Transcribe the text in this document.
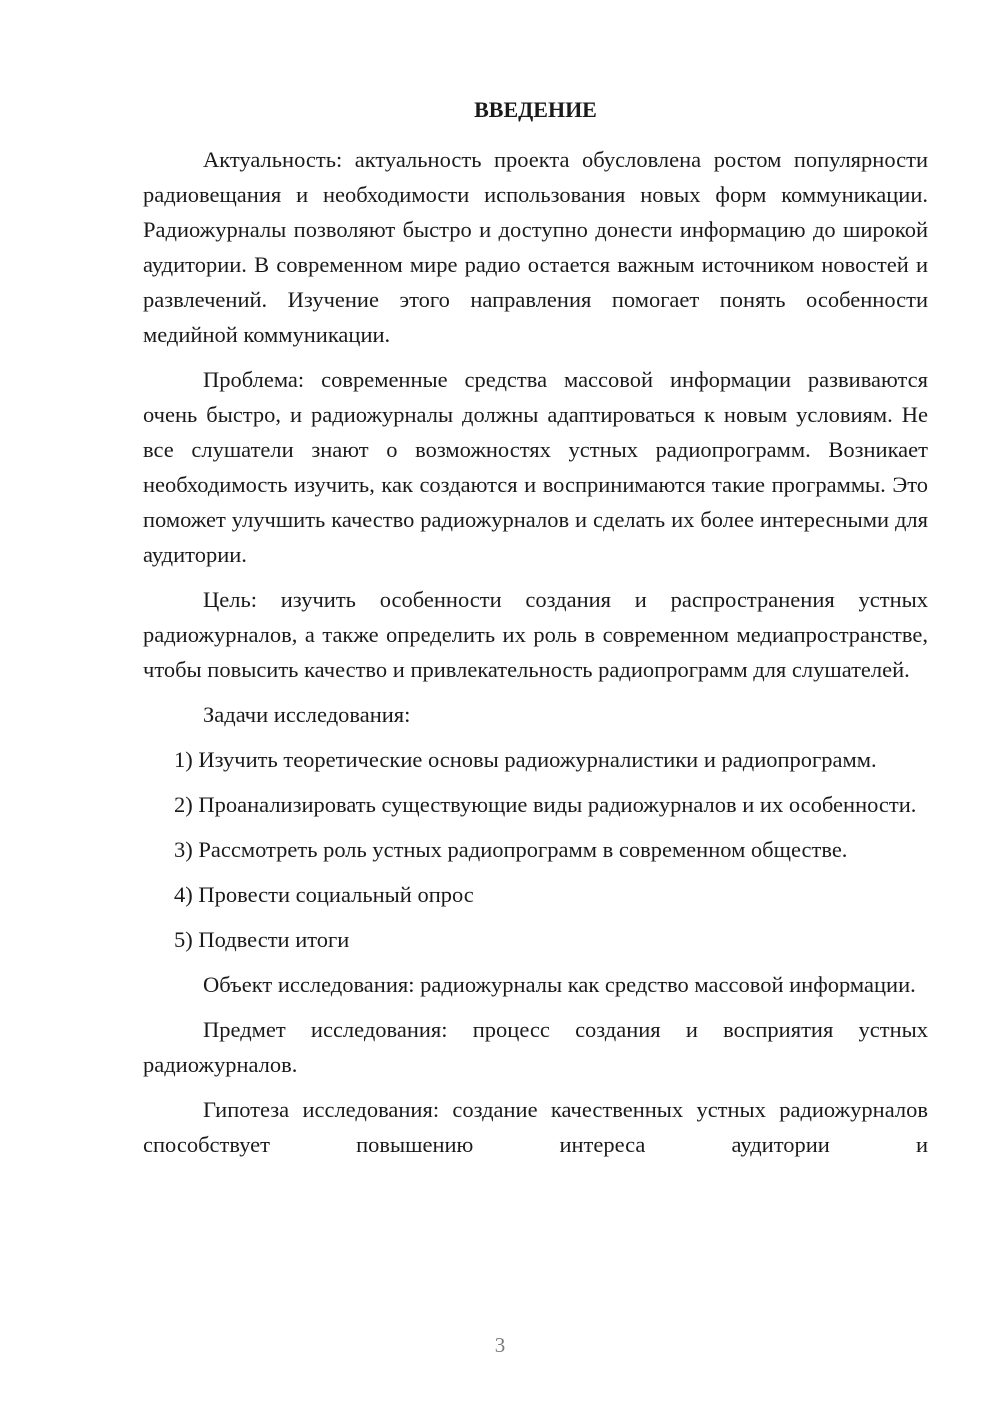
ВВЕДЕНИЕ

Актуальность: актуальность проекта обусловлена ростом популярности радиовещания и необходимости использования новых форм коммуникации. Радиожурналы позволяют быстро и доступно донести информацию до широкой аудитории. В современном мире радио остается важным источником новостей и развлечений. Изучение этого направления помогает понять особенности медийной коммуникации.

Проблема: современные средства массовой информации развиваются очень быстро, и радиожурналы должны адаптироваться к новым условиям. Не все слушатели знают о возможностях устных радиопрограмм. Возникает необходимость изучить, как создаются и воспринимаются такие программы. Это поможет улучшить качество радиожурналов и сделать их более интересными для аудитории.

Цель: изучить особенности создания и распространения устных радиожурналов, а также определить их роль в современном медиапространстве, чтобы повысить качество и привлекательность радиопрограмм для слушателей.

Задачи исследования:

1) Изучить теоретические основы радиожурналистики и радиопрограмм.

2) Проанализировать существующие виды радиожурналов и их особенности.

3) Рассмотреть роль устных радиопрограмм в современном обществе.

4) Провести социальный опрос

5) Подвести итоги

Объект исследования: радиожурналы как средство массовой информации.

Предмет исследования: процесс создания и восприятия устных радиожурналов.

Гипотеза исследования: создание качественных устных радиожурналов способствует повышению интереса аудитории и

3
